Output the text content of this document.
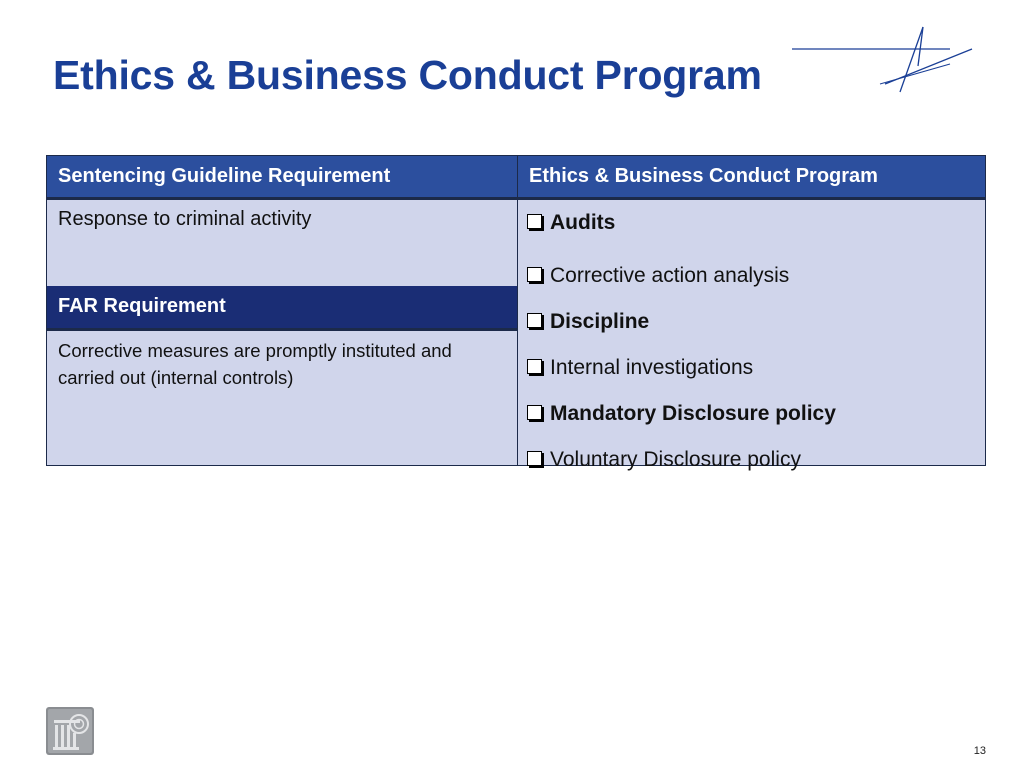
Ethics & Business Conduct Program
Sentencing Guideline Requirement	Ethics & Business Conduct Program
Response to criminal activity	Audits
Corrective action analysis
Discipline
Internal investigations
Mandatory Disclosure policy
Voluntary Disclosure policy
FAR Requirement
Corrective measures are promptly instituted and carried out (internal controls)
13
